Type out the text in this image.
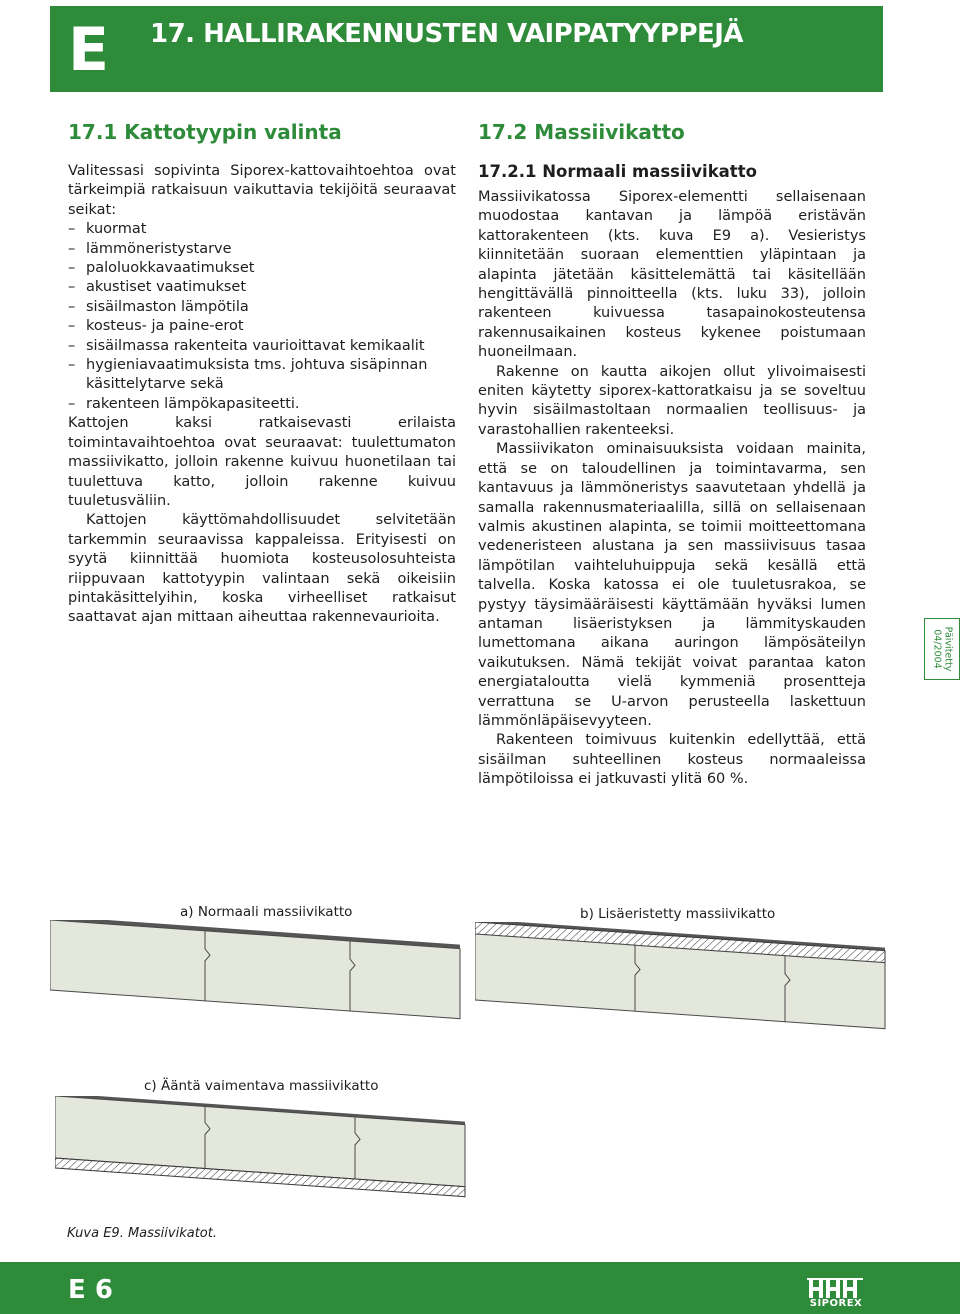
E 17. HALLIRAKENNUSTEN VAIPPATYYPPEJÄ
17.1 Kattotyypin valinta

Valitessasi sopivinta Siporex-kattovaihtoehtoa ovat tärkeimpiä ratkaisuun vaikuttavia tekijöitä seuraavat seikat:

– kuormat
– lämmöneristystarve
– paloluokkavaatimukset
– akustiset vaatimukset
– sisäilmaston lämpötila
– kosteus- ja paine-erot
– sisäilmassa rakenteita vaurioittavat kemikaalit
– hygieniavaatimuksista tms. johtuva sisäpinnan käsittelytarve sekä
– rakenteen lämpökapasiteetti.

Kattojen kaksi ratkaisevasti erilaista toimintavaihtoehtoa ovat seuraavat: tuulettumaton massiivikatto, jolloin rakenne kuivuu huonetilaan tai tuulettuva katto, jolloin rakenne kuivuu tuuletusväliin.

Kattojen käyttömahdollisuudet selvitetään tarkemmin seuraavissa kappaleissa. Erityisesti on syytä kiinnittää huomiota kosteusolosuhteista riippuvaan kattotyypin valintaan sekä oikeisiin pintakäsittelyihin, koska virheelliset ratkaisut saattavat ajan mittaan aiheuttaa rakennevaurioita.

17.2 Massiivikatto
17.2.1 Normaali massiivikatto

Massiivikatossa Siporex-elementti sellaisenaan muodostaa kantavan ja lämpöä eristävän kattorakenteen (kts. kuva E9 a). Vesieristys kiinnitetään suoraan elementtien yläpintaan ja alapinta jätetään käsittelemättä tai käsitellään hengittävällä pinnoitteella (kts. luku 33), jolloin rakenteen kuivuessa tasapainokosteutensa rakennusaikainen kosteus kykenee poistumaan huoneilmaan.

Rakenne on kautta aikojen ollut ylivoimaisesti eniten käytetty siporex-kattoratkaisu ja se soveltuu hyvin sisäilmastoltaan normaalien teollisuus- ja varastohallien rakenteeksi.

Massiivikaton ominaisuuksista voidaan mainita, että se on taloudellinen ja toimintavarma, sen kantavuus ja lämmöneristys saavutetaan yhdellä ja samalla rakennusmateriaalilla, sillä on sellaisenaan valmis akustinen alapinta, se toimii moitteettomana vedeneristeen alustana ja sen massiivisuus tasaa lämpötilan vaihteluhuippuja sekä kesällä että talvella. Koska katossa ei ole tuuletusrakoa, se pystyy täysimääräisesti käyttämään hyväksi lumen antaman lisäeristyksen ja lämmityskauden lumettomana aikana auringon lämpösäteilyn vaikutuksen. Nämä tekijät voivat parantaa katon energiataloutta vielä kymmeniä prosentteja verrattuna se U-arvon perusteella laskettuun lämmönläpäisevyyteen.

Rakenteen toimivuus kuitenkin edellyttää, että sisäilman suhteellinen kosteus normaaleissa lämpötiloissa ei jatkuvasti ylitä 60 %.

Päivitetty
04/2004
a) Normaali massiivikatto	b) Lisäeristetty massiivikatto
c) Ääntä vaimentava massiivikatto
Kuva E9. Massiivikatot.
E 6	SIPOREX
